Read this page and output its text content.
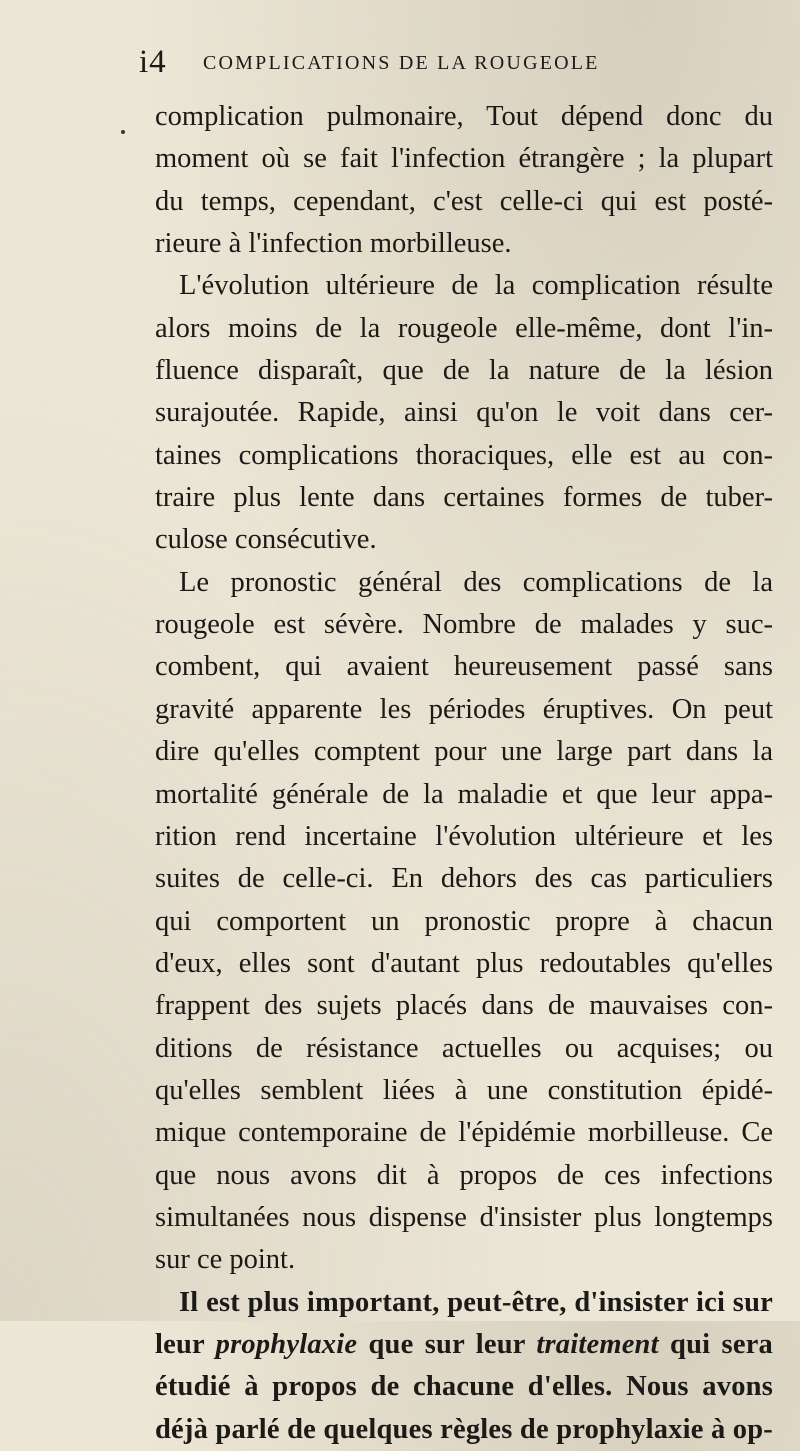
i4 COMPLICATIONS DE LA ROUGEOLE
complication pulmonaire, Tout dépend donc du
moment où se fait l'infection étrangère ; la plupart
du temps, cependant, c'est celle-ci qui est posté-
rieure à l'infection morbilleuse.
L'évolution ultérieure de la complication résulte
alors moins de la rougeole elle-même, dont l'in-
fluence disparaît, que de la nature de la lésion
surajoutée. Rapide, ainsi qu'on le voit dans cer-
taines complications thoraciques, elle est au con-
traire plus lente dans certaines formes de tuber-
culose consécutive.
Le pronostic général des complications de la
rougeole est sévère. Nombre de malades y suc-
combent, qui avaient heureusement passé sans
gravité apparente les périodes éruptives. On peut
dire qu'elles comptent pour une large part dans la
mortalité générale de la maladie et que leur appa-
rition rend incertaine l'évolution ultérieure et les
suites de celle-ci. En dehors des cas particuliers
qui comportent un pronostic propre à chacun
d'eux, elles sont d'autant plus redoutables qu'elles
frappent des sujets placés dans de mauvaises con-
ditions de résistance actuelles ou acquises; ou
qu'elles semblent liées à une constitution épidé-
mique contemporaine de l'épidémie morbilleuse. Ce
que nous avons dit à propos de ces infections
simultanées nous dispense d'insister plus longtemps
sur ce point.
Il est plus important, peut-être, d'insister ici sur
leur prophylaxie que sur leur traitement qui sera
étudié à propos de chacune d'elles. Nous avons
déjà parlé de quelques règles de prophylaxie à op-
